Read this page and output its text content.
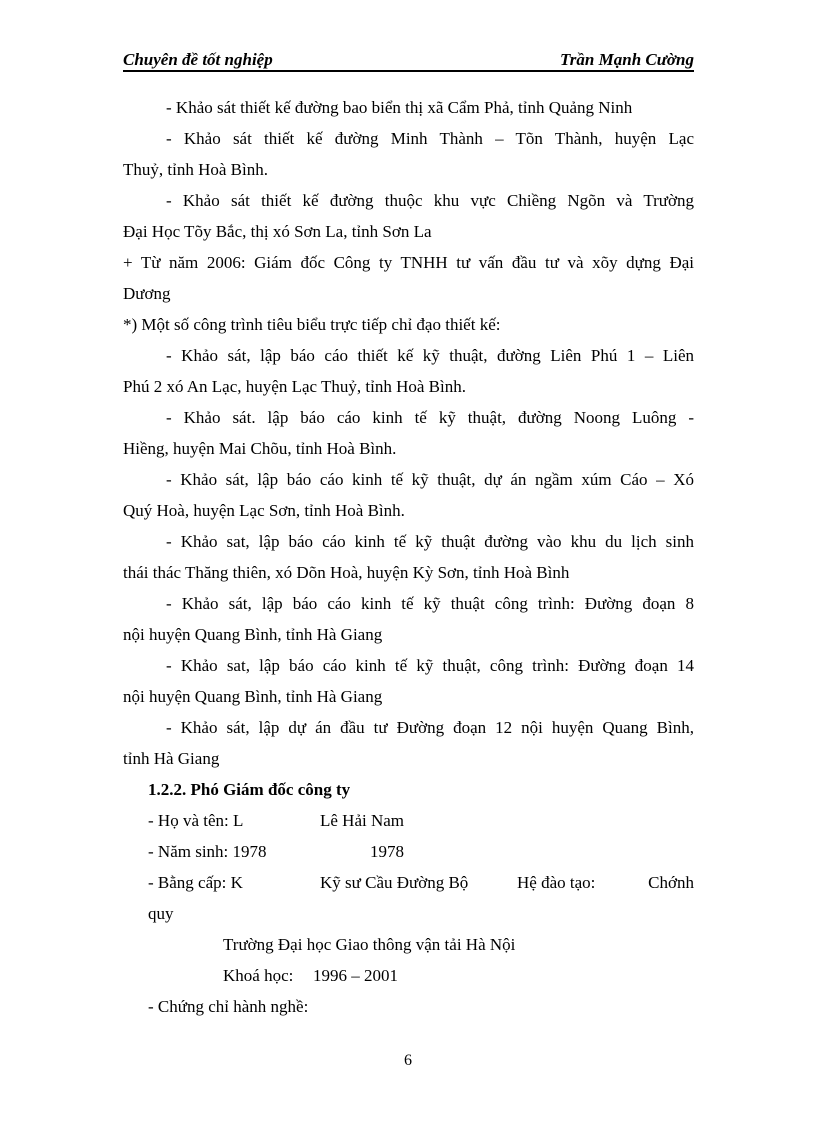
Chuyên đề tốt nghiệp	Trần Mạnh Cường
- Khảo sát thiết kế đường bao biển thị xã Cẩm Phả, tỉnh Quảng Ninh
- Khảo sát thiết kế đường Minh Thành – Tõn Thành, huyện Lạc
Thuỷ, tỉnh Hoà Bình.
- Khảo sát thiết kế đường thuộc khu vực Chiềng Ngõn và Trường
Đại Học Tõy Bắc, thị xó Sơn La, tỉnh Sơn La
+ Từ năm 2006: Giám đốc Công ty TNHH tư vấn đầu tư và xõy dựng Đại
Dương
*) Một số công trình tiêu biểu trực tiếp chỉ đạo thiết kế:
- Khảo sát, lập báo cáo thiết kế kỹ thuật, đường Liên Phú 1 – Liên
Phú 2 xó An Lạc, huyện Lạc Thuỷ, tỉnh Hoà Bình.
- Khảo sát. lập báo cáo kinh tế kỹ thuật, đường Noong Luông -
Hiềng, huyện Mai Chõu, tỉnh Hoà Bình.
- Khảo sát, lập báo cáo kinh tế kỹ thuật, dự án ngầm xúm Cáo – Xó
Quý Hoà, huyện Lạc Sơn, tỉnh Hoà Bình.
- Khảo sat, lập báo cáo kinh tế kỹ thuật đường vào khu du lịch sinh
thái thác Thăng thiên, xó Dõn Hoà, huyện Kỳ Sơn, tỉnh Hoà Bình
- Khảo sát, lập báo cáo kinh tế kỹ thuật công trình: Đường đoạn 8
nội huyện Quang Bình, tỉnh Hà Giang
- Khảo sat, lập báo cáo kinh tế kỹ thuật, công trình: Đường đoạn 14
nội huyện Quang Bình, tỉnh Hà Giang
- Khảo sát, lập dự án đầu tư Đường đoạn 12 nội huyện Quang Bình,
tỉnh Hà Giang
1.2.2. Phó Giám đốc công ty
- Họ và tên: L	Lê Hải Nam
- Năm sinh: 1978	1978
- Bằng cấp: K	Kỹ sư Cầu Đường Bộ	Hệ đào tạo:	Chớnh
quy
Trường Đại học Giao thông vận tải Hà Nội
Khoá học: 1996 – 2001
- Chứng chỉ hành nghề:
6
